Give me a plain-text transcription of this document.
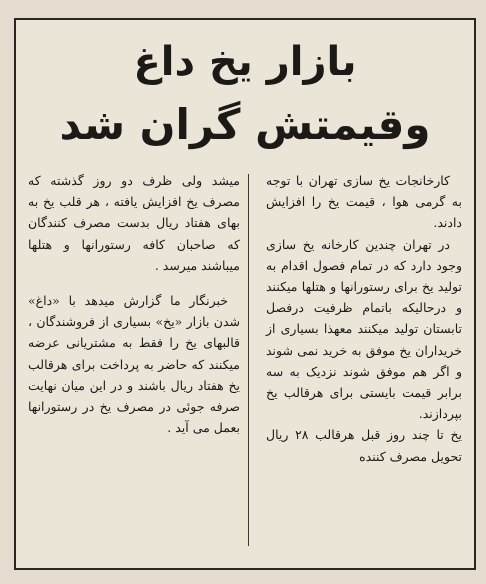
بازار یخ داغ
وقیمتش گران شد

کارخانجات یخ سازی تهران با توجه به گرمی هوا ، قیمت یخ را افزایش دادند.

در تهران چندین کارخانه یخ سازی وجود دارد که در تمام فصول اقدام به تولید یخ برای رستورانها و هتلها میکنند و درحالیکه باتمام ظرفیت درفصل تابستان تولید میکنند معهذا بسیاری از خریداران یخ موفق به خرید نمی شوند و اگر هم موفق شوند نزدیک به سه برابر قیمت بایستی برای هرقالب یخ بپردازند.

یخ تا چند روز قبل هرقالب ۲۸ ریال تحویل مصرف کننده

میشد ولی ظرف دو روز گذشته که مصرف یخ افزایش یافته ، هر قلب یخ به بهای هفتاد ریال بدست مصرف کنندگان که صاحبان کافه رستورانها و هتلها میباشند میرسد .

خبرنگار ما گزارش میدهد با «داغ» شدن بازار «یخ» بسیاری از فروشندگان ، قالبهای یخ را فقط به مشتریانی عرضه میکنند که حاضر به پرداخت برای هرقالب یخ هفتاد ریال باشند و در این میان نهایت صرفه جوئی در مصرف یخ در رستورانها بعمل می آید .
